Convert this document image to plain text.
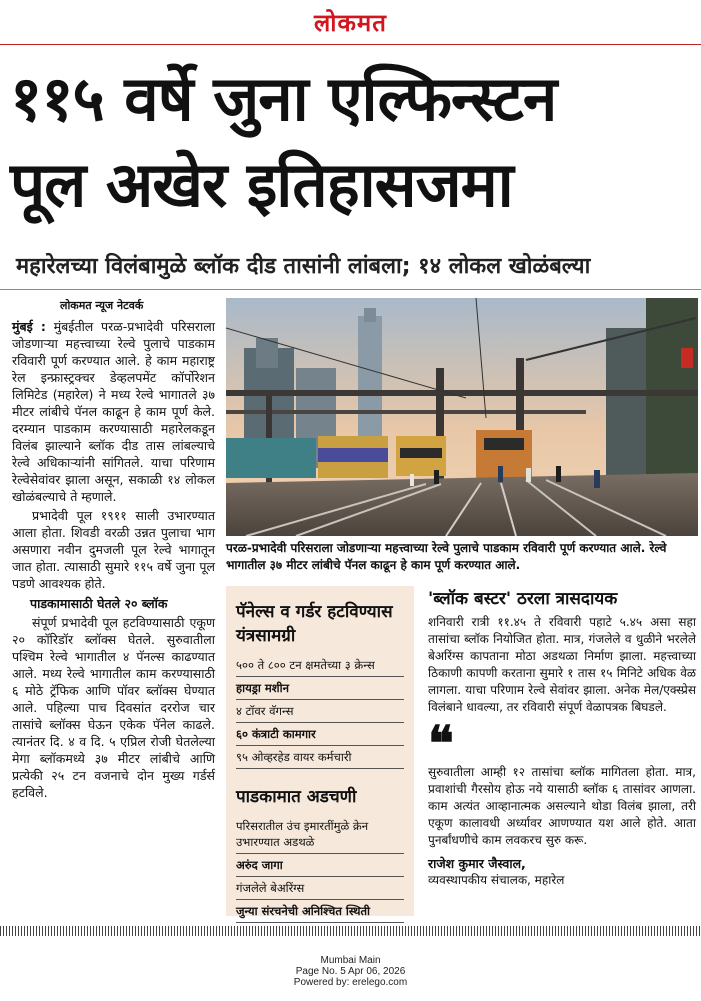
लोकमत
११५ वर्षे जुना एल्फिन्स्टन
पूल अखेर इतिहासजमा
महारेलच्या विलंबामुळे ब्लॉक दीड तासांनी लांबला; १४ लोकल खोळंबल्या
लोकमत न्यूज नेटवर्क

मुंबई : मुंबईतील परळ-प्रभादेवी परिसराला जोडणाऱ्या महत्त्वाच्या रेल्वे पुलाचे पाडकाम रविवारी पूर्ण करण्यात आले. हे काम महाराष्ट्र रेल इन्फ्रास्ट्रक्चर डेव्हलपमेंट कॉर्पोरेशन लिमिटेड (महारेल) ने मध्य रेल्वे भागातले ३७ मीटर लांबीचे पॅनल काढून हे काम पूर्ण केले. दरम्यान पाडकाम करण्यासाठी महारेलकडून विलंब झाल्याने ब्लॉक दीड तास लांबल्याचे रेल्वे अधिकाऱ्यांनी सांगितले. याचा परिणाम रेल्वेसेवांवर झाला असून, सकाळी १४ लोकल खोळंबल्याचे ते म्हणाले.

प्रभादेवी पूल १९११ साली उभारण्यात आला होता. शिवडी वरळी उन्नत पुलाचा भाग असणारा नवीन दुमजली पूल रेल्वे भागातून जात होता. त्यासाठी सुमारे ११५ वर्षे जुना पूल पडणे आवश्यक होते.

पाडकामासाठी घेतले २० ब्लॉक

संपूर्ण प्रभादेवी पूल हटविण्यासाठी एकूण २० कॉरिडॉर ब्लॉक्स घेतले. सुरुवातीला पश्चिम रेल्वे भागातील ४ पॅनल्स काढण्यात आले. मध्य रेल्वे भागातील काम करण्यासाठी ६ मोठे ट्रॅफिक आणि पॉवर ब्लॉक्स घेण्यात आले. पहिल्या पाच दिवसांत दररोज चार तासांचे ब्लॉक्स घेऊन एकेक पॅनेल काढले. त्यानंतर दि. ४ व दि. ५ एप्रिल रोजी घेतलेल्या मेगा ब्लॉकमध्ये ३७ मीटर लांबीचे आणि प्रत्येकी २५ टन वजनाचे दोन मुख्य गर्डर्स हटविले.

परळ-प्रभादेवी परिसराला जोडणाऱ्या महत्त्वाच्या रेल्वे पुलाचे पाडकाम रविवारी पूर्ण करण्यात आले. रेल्वे भागातील ३७ मीटर लांबीचे पॅनल काढून हे काम पूर्ण करण्यात आले.
पॅनेल्स व गर्डर हटविण्यास यंत्रसामग्री
५०० ते ८०० टन क्षमतेच्या ३ क्रेन्स
हायड्रा मशीन
४ टॉवर वॅगन्स
६० कंत्राटी कामगार
९५ ओव्हरहेड वायर कर्मचारी
पाडकामात अडचणी
परिसरातील उंच इमारतींमुळे क्रेन उभारण्यात अडथळे
अरुंद जागा
गंजलेले बेअरिंग्स
जुन्या संरचनेची अनिश्चित स्थिती
'ब्लॉक बस्टर' ठरला त्रासदायक

शनिवारी रात्री ११.४५ ते रविवारी पहाटे ५.४५ असा सहा तासांचा ब्लॉक नियोजित होता. मात्र, गंजलेले व धुळीने भरलेले बेअरिंग्स कापताना मोठा अडथळा निर्माण झाला. महत्त्वाच्या ठिकाणी कापणी करताना सुमारे १ तास १५ मिनिटे अधिक वेळ लागला. याचा परिणाम रेल्वे सेवांवर झाला. अनेक मेल/एक्स्प्रेस विलंबाने धावल्या, तर रविवारी संपूर्ण वेळापत्रक बिघडले.

❝

सुरुवातीला आम्ही १२ तासांचा ब्लॉक मागितला होता. मात्र, प्रवाशांची गैरसोय होऊ नये यासाठी ब्लॉक ६ तासांवर आणला. काम अत्यंत आव्हानात्मक असल्याने थोडा विलंब झाला, तरी एकूण कालावधी अर्ध्यावर आणण्यात यश आले होते. आता पुनर्बांधणीचे काम लवकरच सुरु करू.

राजेश कुमार जैस्वाल,
व्यवस्थापकीय संचालक, महारेल
Mumbai Main
Page No. 5 Apr 06, 2026
Powered by: erelego.com
